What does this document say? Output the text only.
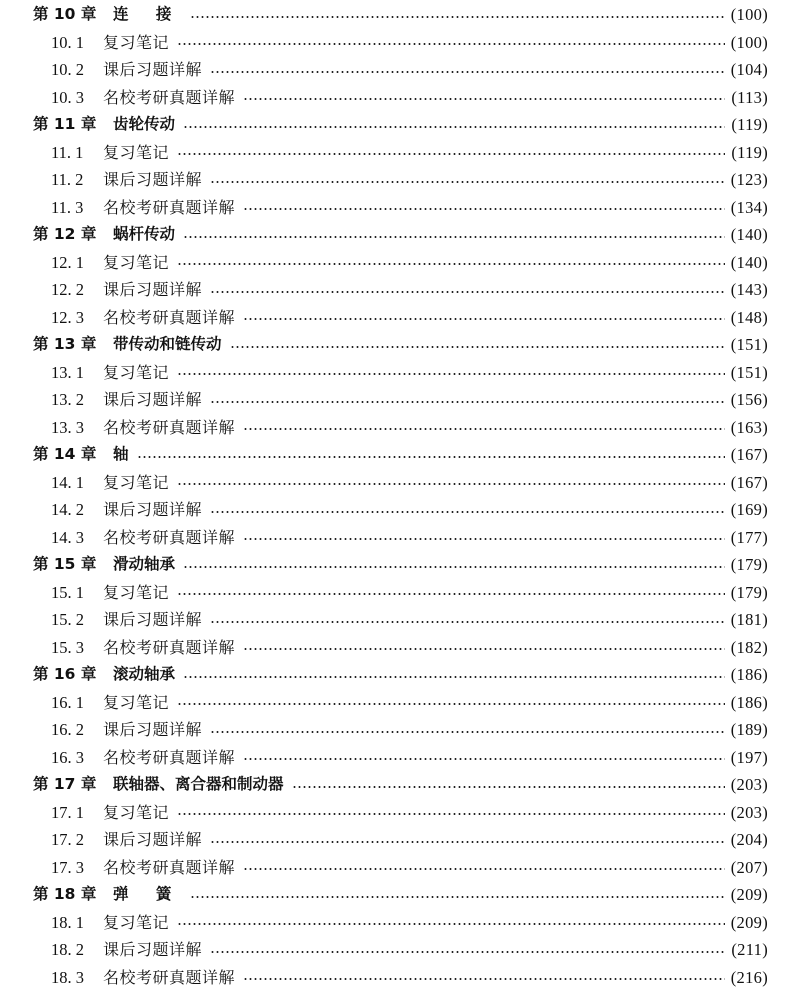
第 10 章	连 接	(100)
10. 1	复习笔记	(100)
10. 2	课后习题详解	(104)
10. 3	名校考研真题详解	(113)
第 11 章	齿轮传动	(119)
11. 1	复习笔记	(119)
11. 2	课后习题详解	(123)
11. 3	名校考研真题详解	(134)
第 12 章	蜗杆传动	(140)
12. 1	复习笔记	(140)
12. 2	课后习题详解	(143)
12. 3	名校考研真题详解	(148)
第 13 章	带传动和链传动	(151)
13. 1	复习笔记	(151)
13. 2	课后习题详解	(156)
13. 3	名校考研真题详解	(163)
第 14 章	轴	(167)
14. 1	复习笔记	(167)
14. 2	课后习题详解	(169)
14. 3	名校考研真题详解	(177)
第 15 章	滑动轴承	(179)
15. 1	复习笔记	(179)
15. 2	课后习题详解	(181)
15. 3	名校考研真题详解	(182)
第 16 章	滚动轴承	(186)
16. 1	复习笔记	(186)
16. 2	课后习题详解	(189)
16. 3	名校考研真题详解	(197)
第 17 章	联轴器、离合器和制动器	(203)
17. 1	复习笔记	(203)
17. 2	课后习题详解	(204)
17. 3	名校考研真题详解	(207)
第 18 章	弹 簧	(209)
18. 1	复习笔记	(209)
18. 2	课后习题详解	(211)
18. 3	名校考研真题详解	(216)
